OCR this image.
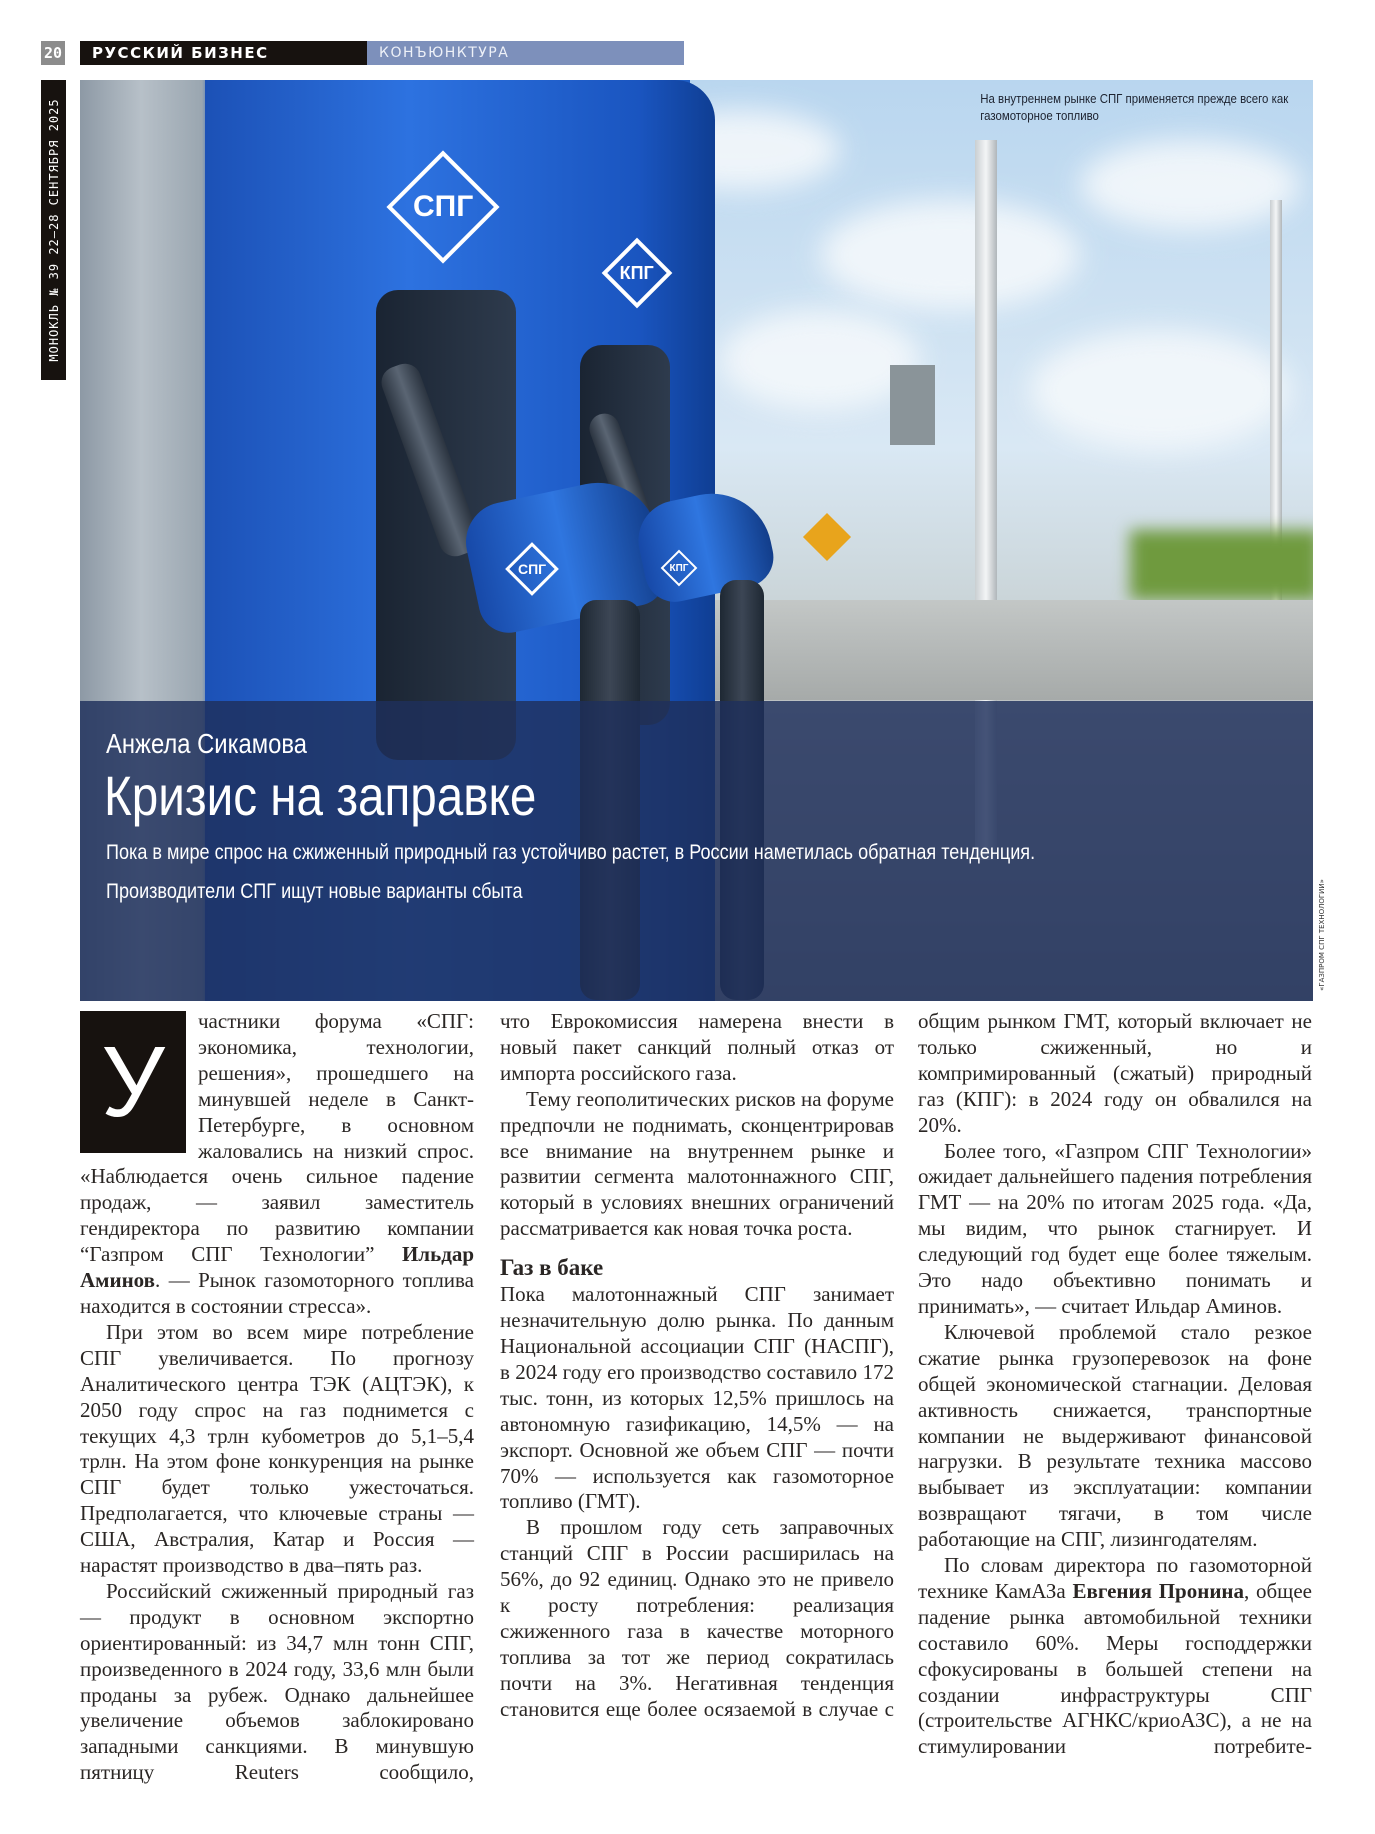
20	РУССКИЙ БИЗНЕС	КОНЪЮНКТУРА
МОНОКЛЬ № 39 22–28 СЕНТЯБРЯ 2025	СПГ
КПГ
СПГ	КПГ
На внутреннем рынке СПГ применяется прежде всего как газомоторное топливо
Анжела Сикамова
Кризис на заправке
Пока в мире спрос на сжиженный природный газ устойчиво растет, в России наметилась обратная тенденция.
Производители СПГ ищут новые варианты сбыта	«ГАЗПРОМ СПГ ТЕХНОЛОГИИ»
У

частники форума «СПГ: экономика, технологии, решения», прошедшего на минувшей неделе в Санкт-Петербурге, в основном жаловались на низкий спрос. «Наблюдается очень сильное падение продаж, — заявил заместитель гендиректора по развитию компании “Газпром СПГ Технологии” Ильдар Аминов. — Рынок газомоторного топлива находится в состоянии стресса».

При этом во всем мире потребление СПГ увеличивается. По прогнозу Аналитического центра ТЭК (АЦТЭК), к 2050 году спрос на газ поднимется с текущих 4,3 трлн кубометров до 5,1–5,4 трлн. На этом фоне конкуренция на рынке СПГ будет только ужесточаться. Предполагается, что ключевые страны — США, Австралия, Катар и Россия — нарастят производство в два–пять раз.

Российский сжиженный природный газ — продукт в основном экспортно ориентированный: из 34,7 млн тонн СПГ, произведенного в 2024 году, 33,6 млн были проданы за рубеж. Однако дальнейшее увеличение объемов заблокировано западными санкциями. В минувшую пятницу Reuters сообщило,

что Еврокомиссия намерена внести в новый пакет санкций полный отказ от импорта российского газа.

Тему геополитических рисков на форуме предпочли не поднимать, сконцентрировав все внимание на внутреннем рынке и развитии сегмента малотоннажного СПГ, который в условиях внешних ограничений рассматривается как новая точка роста.

Газ в баке

Пока малотоннажный СПГ занимает незначительную долю рынка. По данным Национальной ассоциации СПГ (НАСПГ), в 2024 году его производство составило 172 тыс. тонн, из которых 12,5% пришлось на автономную газификацию, 14,5% — на экспорт. Основной же объем СПГ — почти 70% — используется как газомоторное топливо (ГМТ).

В прошлом году сеть заправочных станций СПГ в России расширилась на 56%, до 92 единиц. Однако это не привело к росту потребления: реализация сжиженного газа в качестве моторного топлива за тот же период сократилась почти на 3%. Негативная тенденция становится еще более осязаемой в случае с

общим рынком ГМТ, который включает не только сжиженный, но и компримированный (сжатый) природный газ (КПГ): в 2024 году он обвалился на 20%.

Более того, «Газпром СПГ Технологии» ожидает дальнейшего падения потребления ГМТ — на 20% по итогам 2025 года. «Да, мы видим, что рынок стагнирует. И следующий год будет еще более тяжелым. Это надо объективно понимать и принимать», — считает Ильдар Аминов.

Ключевой проблемой стало резкое сжатие рынка грузоперевозок на фоне общей экономической стагнации. Деловая активность снижается, транспортные компании не выдерживают финансовой нагрузки. В результате техника массово выбывает из эксплуатации: компании возвращают тягачи, в том числе работающие на СПГ, лизингодателям.

По словам директора по газомоторной технике КамАЗа Евгения Пронина, общее падение рынка автомобильной техники составило 60%. Меры господдержки сфокусированы в большей степени на создании инфраструктуры СПГ (строительстве АГНКС/криоАЗС), а не на стимулировании потребите-
